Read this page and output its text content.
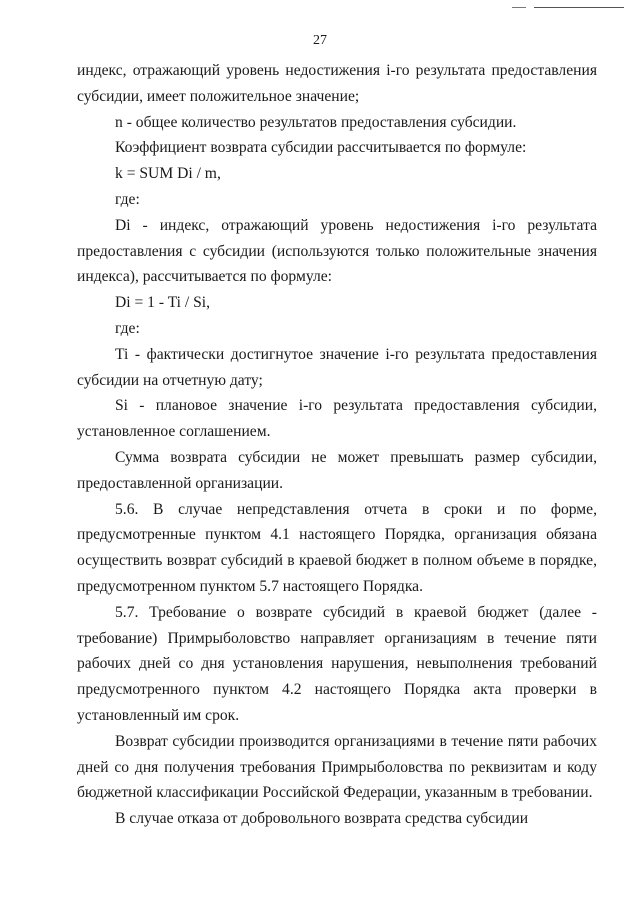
27

индекс, отражающий уровень недостижения i-го результата предоставления субсидии, имеет положительное значение;

n - общее количество результатов предоставления субсидии.

Коэффициент возврата субсидии рассчитывается по формуле:

k = SUM Di / m,

где:

Di - индекс, отражающий уровень недостижения i-го результата предоставления с субсидии (используются только положительные значения индекса), рассчитывается по формуле:

Di = 1 - Ti / Si,

где:

Ti - фактически достигнутое значение i-го результата предоставления субсидии на отчетную дату;

Si - плановое значение i-го результата предоставления субсидии, установленное соглашением.

Сумма возврата субсидии не может превышать размер субсидии, предоставленной организации.

5.6. В случае непредставления отчета в сроки и по форме, предусмотренные пунктом 4.1 настоящего Порядка, организация обязана осуществить возврат субсидий в краевой бюджет в полном объеме в порядке, предусмотренном пунктом 5.7 настоящего Порядка.

5.7. Требование о возврате субсидий в краевой бюджет (далее - требование) Примрыболовство направляет организациям в течение пяти рабочих дней со дня установления нарушения, невыполнения требований предусмотренного пунктом 4.2 настоящего Порядка акта проверки в установленный им срок.

Возврат субсидии производится организациями в течение пяти рабочих дней со дня получения требования Примрыболовства по реквизитам и коду бюджетной классификации Российской Федерации, указанным в требовании.

В случае отказа от добровольного возврата средства субсидии
